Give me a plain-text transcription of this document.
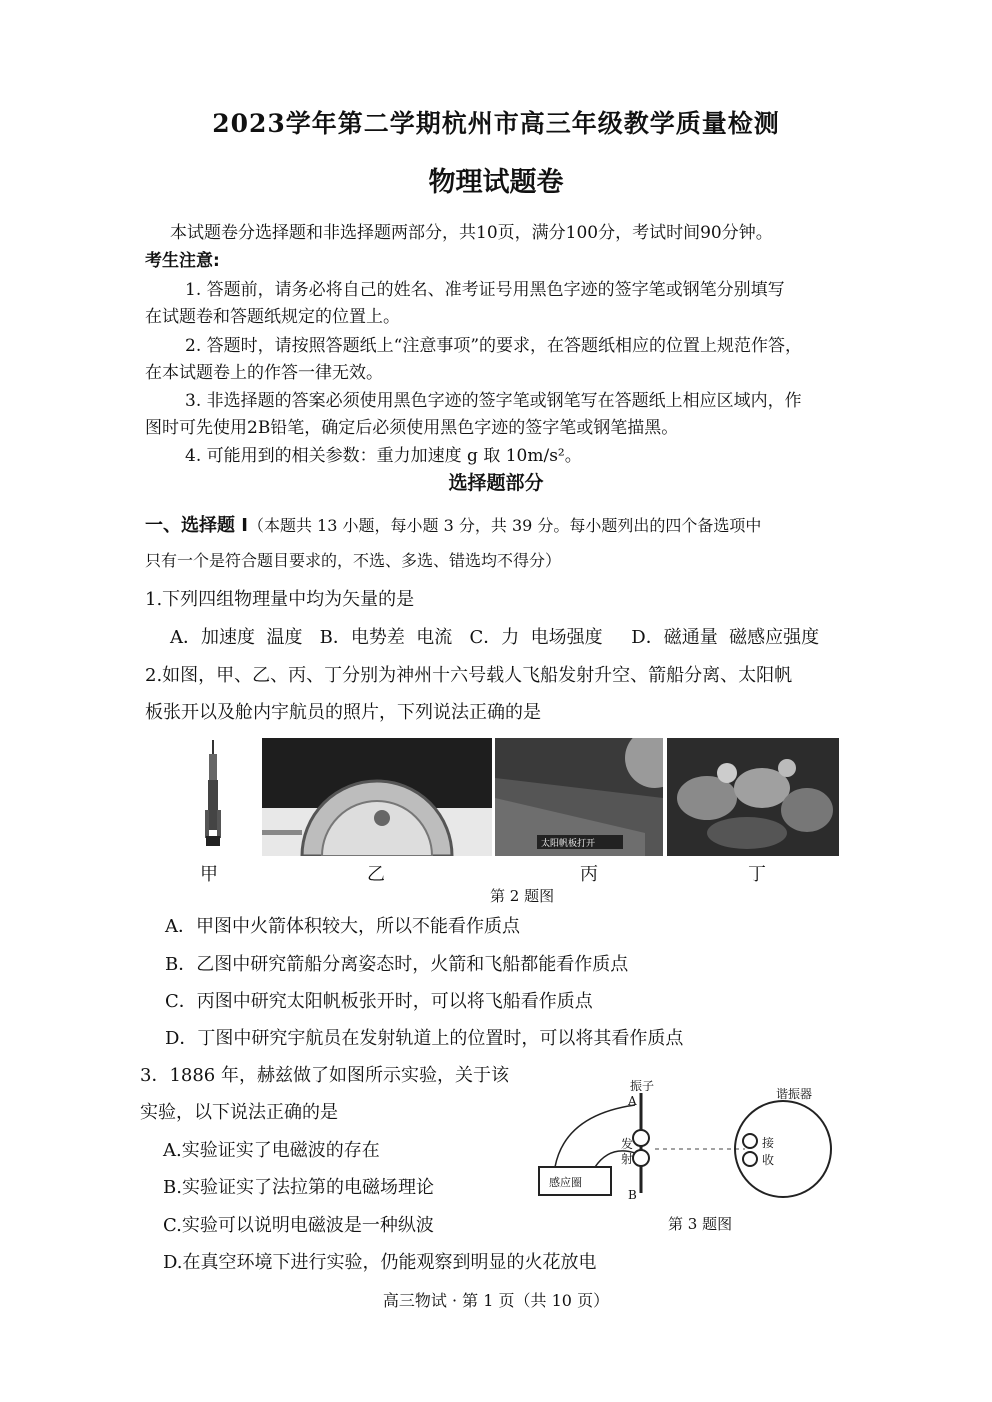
2023学年第二学期杭州市高三年级教学质量检测
物理试题卷
本试题卷分选择题和非选择题两部分，共10页，满分100分，考试时间90分钟。
考生注意:
1. 答题前，请务必将自己的姓名、准考证号用黑色字迹的签字笔或钢笔分别填写
在试题卷和答题纸规定的位置上。
2. 答题时，请按照答题纸上“注意事项”的要求，在答题纸相应的位置上规范作答，
在本试题卷上的作答一律无效。
3. 非选择题的答案必须使用黑色字迹的签字笔或钢笔写在答题纸上相应区域内，作
图时可先使用2B铅笔，确定后必须使用黑色字迹的签字笔或钢笔描黑。
4. 可能用到的相关参数：重力加速度 g 取 10m/s²。
选择题部分
一、选择题 I（本题共 13 小题，每小题 3 分，共 39 分。每小题列出的四个备选项中
只有一个是符合题目要求的，不选、多选、错选均不得分）
1.下列四组物理量中均为矢量的是
A．加速度  温度   B．电势差  电流   C．力  电场强度     D．磁通量  磁感应强度
2.如图，甲、乙、丙、丁分别为神州十六号载人飞船发射升空、箭船分离、太阳帆
板张开以及舱内宇航员的照片，下列说法正确的是
太阳帆板打开
甲	乙	丙	丁
第 2 题图
A．甲图中火箭体积较大，所以不能看作质点
B．乙图中研究箭船分离姿态时，火箭和飞船都能看作质点
C．丙图中研究太阳帆板张开时，可以将飞船看作质点
D．丁图中研究宇航员在发射轨道上的位置时，可以将其看作质点
3．1886 年，赫兹做了如图所示实验，关于该
实验，以下说法正确的是
A.实验证实了电磁波的存在
B.实验证实了法拉第的电磁场理论
C.实验可以说明电磁波是一种纵波
D.在真空环境下进行实验，仍能观察到明显的火花放电
振子
谐振器
A
B
发
射
接
收
感应圈
第 3 题图
高三物试 · 第 1 页（共 10 页）
